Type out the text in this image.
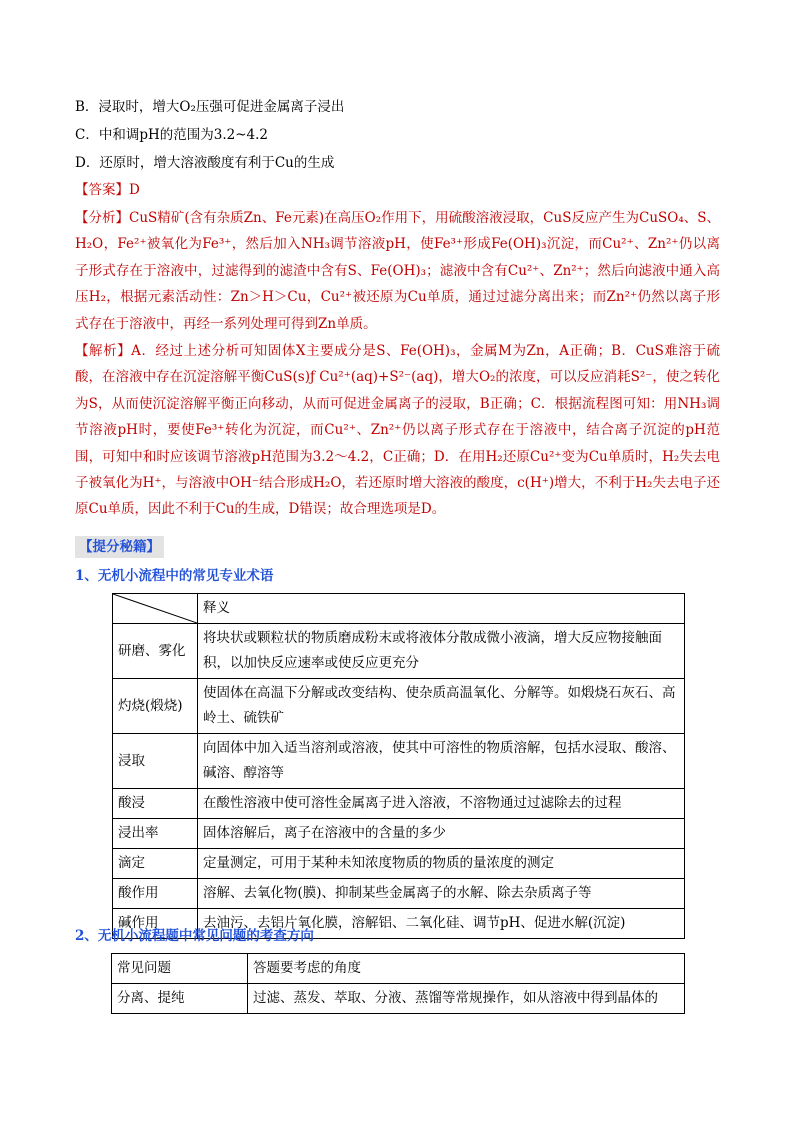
B．浸取时，增大O₂压强可促进金属离子浸出
C．中和调pH的范围为3.2~4.2
D．还原时，增大溶液酸度有利于Cu的生成
【答案】D
【分析】CuS精矿(含有杂质Zn、Fe元素)在高压O₂作用下，用硫酸溶液浸取，CuS反应产生为CuSO₄、S、H₂O，Fe²⁺被氧化为Fe³⁺，然后加入NH₃调节溶液pH，使Fe³⁺形成Fe(OH)₃沉淀，而Cu²⁺、Zn²⁺仍以离子形式存在于溶液中，过滤得到的滤渣中含有S、Fe(OH)₃；滤液中含有Cu²⁺、Zn²⁺；然后向滤液中通入高压H₂，根据元素活动性：Zn＞H＞Cu，Cu²⁺被还原为Cu单质，通过过滤分离出来；而Zn²⁺仍然以离子形式存在于溶液中，再经一系列处理可得到Zn单质。
【解析】A．经过上述分析可知固体X主要成分是S、Fe(OH)₃，金属M为Zn，A正确；B．CuS难溶于硫酸，在溶液中存在沉淀溶解平衡CuS(s)ƒ Cu²⁺(aq)+S²⁻(aq)，增大O₂的浓度，可以反应消耗S²⁻，使之转化为S，从而使沉淀溶解平衡正向移动，从而可促进金属离子的浸取，B正确；C．根据流程图可知：用NH₃调节溶液pH时，要使Fe³⁺转化为沉淀，而Cu²⁺、Zn²⁺仍以离子形式存在于溶液中，结合离子沉淀的pH范围，可知中和时应该调节溶液pH范围为3.2～4.2，C正确；D．在用H₂还原Cu²⁺变为Cu单质时，H₂失去电子被氧化为H⁺，与溶液中OH⁻结合形成H₂O，若还原时增大溶液的酸度，c(H⁺)增大，不利于H₂失去电子还原Cu单质，因此不利于Cu的生成，D错误；故合理选项是D。
【提分秘籍】
1、无机小流程中的常见专业术语
	释义
研磨、雾化	将块状或颗粒状的物质磨成粉末或将液体分散成微小液滴，增大反应物接触面积，以加快反应速率或使反应更充分
灼烧(煅烧)	使固体在高温下分解或改变结构、使杂质高温氧化、分解等。如煅烧石灰石、高岭土、硫铁矿
浸取	向固体中加入适当溶剂或溶液，使其中可溶性的物质溶解，包括水浸取、酸溶、碱溶、醇溶等
酸浸	在酸性溶液中使可溶性金属离子进入溶液，不溶物通过过滤除去的过程
浸出率	固体溶解后，离子在溶液中的含量的多少
滴定	定量测定，可用于某种未知浓度物质的物质的量浓度的测定
酸作用	溶解、去氧化物(膜)、抑制某些金属离子的水解、除去杂质离子等
碱作用	去油污、去铝片氧化膜，溶解铝、二氧化硅、调节pH、促进水解(沉淀)
2、无机小流程题中常见问题的考查方向
常见问题	答题要考虑的角度
分离、提纯	过滤、蒸发、萃取、分液、蒸馏等常规操作，如从溶液中得到晶体的
